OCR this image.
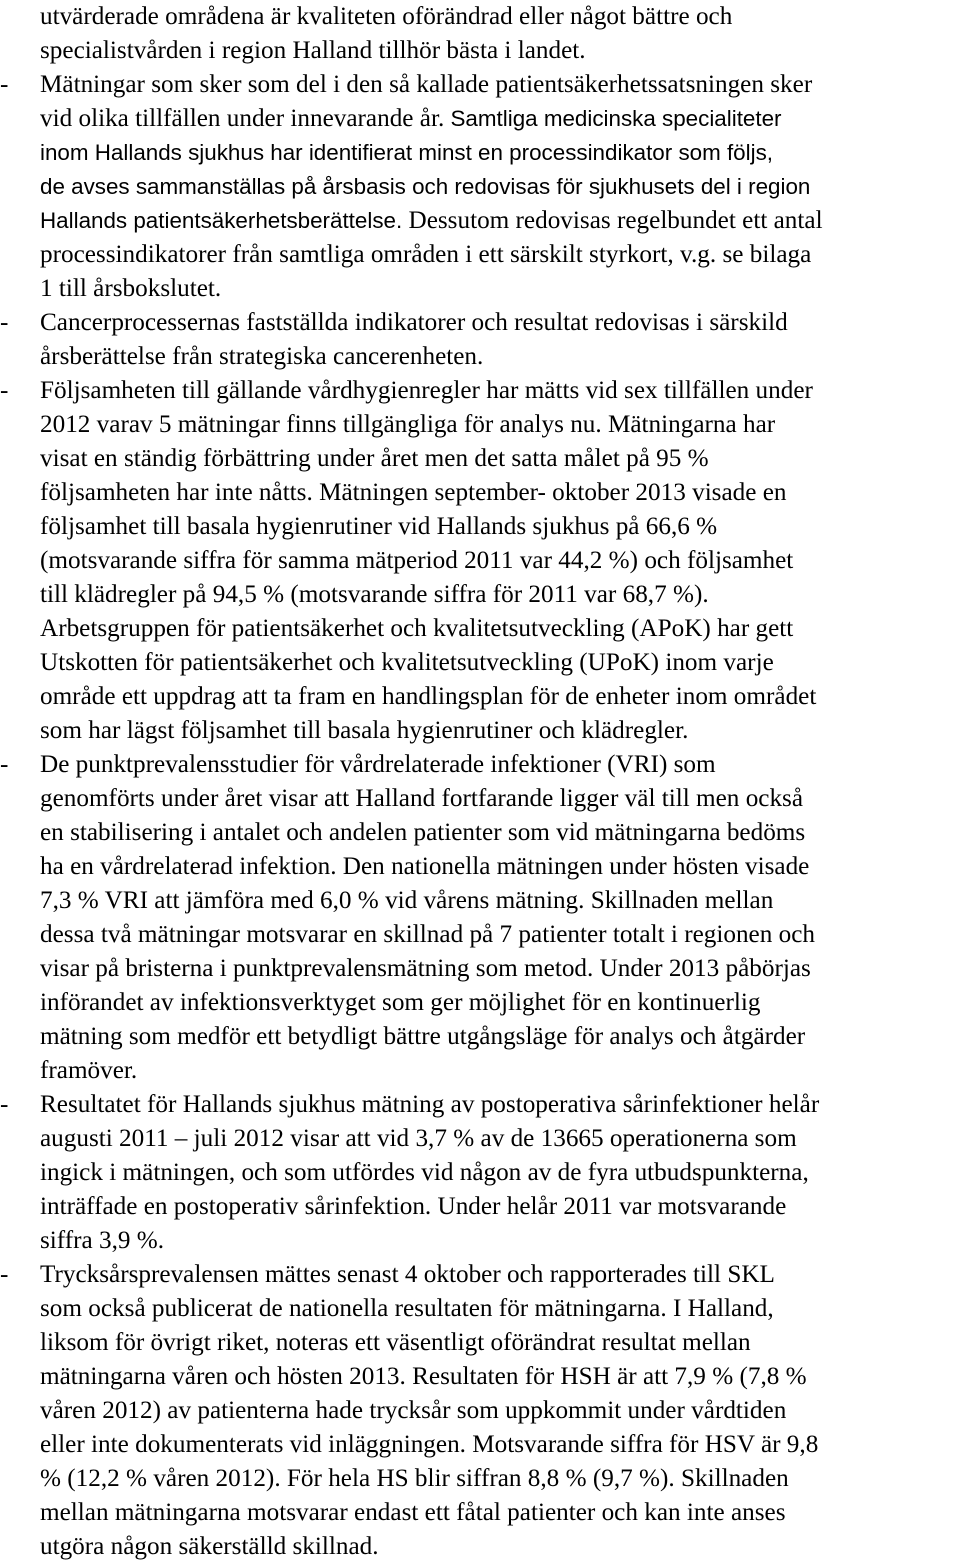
utvärderade områdena är kvaliteten oförändrad eller något bättre och
specialistvården i region Halland tillhör bästa i landet.
-	Mätningar som sker som del i den så kallade patientsäkerhetssatsningen sker
vid olika tillfällen under innevarande år. Samtliga medicinska specialiteter
inom Hallands sjukhus har identifierat minst en processindikator som följs,
de avses sammanställas på årsbasis och redovisas för sjukhusets del i region
Hallands patientsäkerhetsberättelse. Dessutom redovisas regelbundet ett antal
processindikatorer från samtliga områden i ett särskilt styrkort, v.g. se bilaga
1 till årsbokslutet.
-	Cancerprocessernas fastställda indikatorer och resultat redovisas i särskild
årsberättelse från strategiska cancerenheten.
-	Följsamheten till gällande vårdhygienregler har mätts vid sex tillfällen under
2012 varav 5 mätningar finns tillgängliga för analys nu. Mätningarna har
visat en ständig förbättring under året men det satta målet på 95 %
följsamheten har inte nåtts. Mätningen september- oktober 2013 visade en
följsamhet till basala hygienrutiner vid Hallands sjukhus på 66,6 %
(motsvarande siffra för samma mätperiod 2011 var 44,2 %) och följsamhet
till klädregler på 94,5 % (motsvarande siffra för 2011 var 68,7 %).
Arbetsgruppen för patientsäkerhet och kvalitetsutveckling (APoK) har gett
Utskotten för patientsäkerhet och kvalitetsutveckling (UPoK) inom varje
område ett uppdrag att ta fram en handlingsplan för de enheter inom området
som har lägst följsamhet till basala hygienrutiner och klädregler.
-	De punktprevalensstudier för vårdrelaterade infektioner (VRI) som
genomförts under året visar att Halland fortfarande ligger väl till men också
en stabilisering i antalet och andelen patienter som vid mätningarna bedöms
ha en vårdrelaterad infektion. Den nationella mätningen under hösten visade
7,3 % VRI att jämföra med 6,0 % vid vårens mätning. Skillnaden mellan
dessa två mätningar motsvarar en skillnad på 7 patienter totalt i regionen och
visar på bristerna i punktprevalensmätning som metod. Under 2013 påbörjas
införandet av infektionsverktyget som ger möjlighet för en kontinuerlig
mätning som medför ett betydligt bättre utgångsläge för analys och åtgärder
framöver.
-	Resultatet för Hallands sjukhus mätning av postoperativa sårinfektioner helår
augusti 2011 – juli 2012 visar att vid 3,7 % av de 13665 operationerna som
ingick i mätningen, och som utfördes vid någon av de fyra utbudspunkterna,
inträffade en postoperativ sårinfektion. Under helår 2011 var motsvarande
siffra 3,9 %.
-	Trycksårsprevalensen mättes senast 4 oktober och rapporterades till SKL
som också publicerat de nationella resultaten för mätningarna. I Halland,
liksom för övrigt riket, noteras ett väsentligt oförändrat resultat mellan
mätningarna våren och hösten 2013. Resultaten för HSH är att 7,9 % (7,8 %
våren 2012) av patienterna hade trycksår som uppkommit under vårdtiden
eller inte dokumenterats vid inläggningen. Motsvarande siffra för HSV är 9,8
% (12,2 % våren 2012). För hela HS blir siffran 8,8 % (9,7 %). Skillnaden
mellan mätningarna motsvarar endast ett fåtal patienter och kan inte anses
utgöra någon säkerställd skillnad.
